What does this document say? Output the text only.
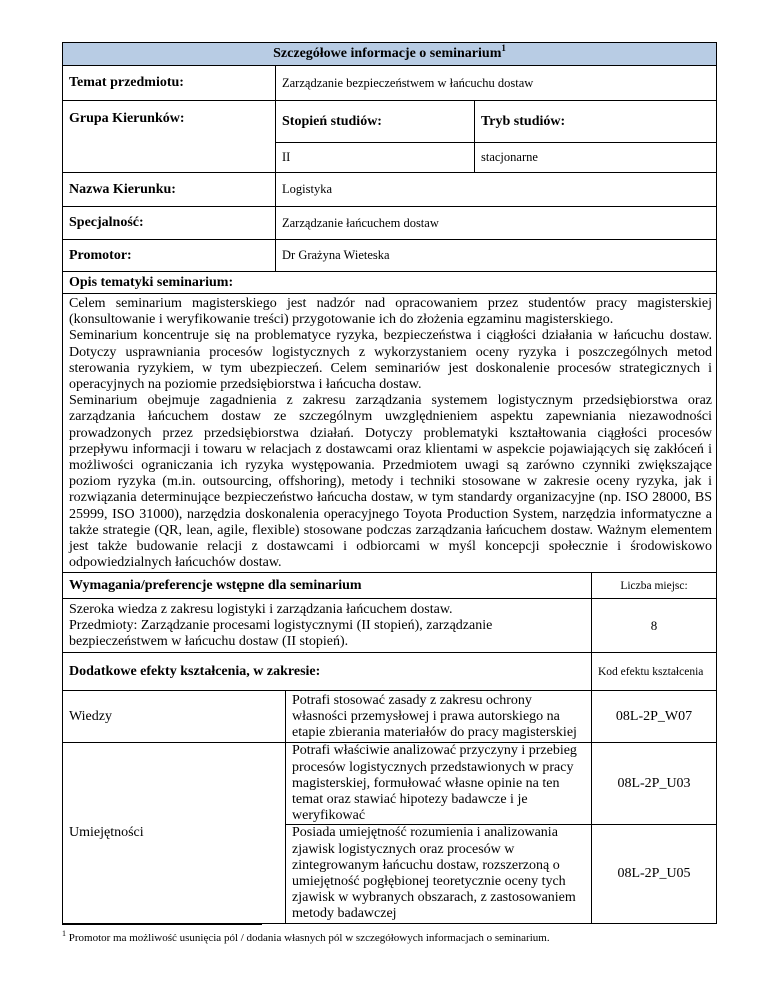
Szczegółowe informacje o seminarium$^1$
Temat przedmiotu:	Zarządzanie bezpieczeństwem w łańcuchu dostaw			
Grupa Kierunków:	Stopień studiów:		Tryb studiów:	
	II		stacjonarne	
Nazwa Kierunku:	Logistyka			
Specjalność:	Zarządzanie łańcuchem dostaw			
Promotor:	Dr Grażyna Wieteska			
Opis tematyki seminarium:				

Celem seminarium magisterskiego jest nadzór nad opracowaniem przez studentów pracy magisterskiej (konsultowanie i weryfikowanie treści) przygotowanie ich do złożenia egzaminu magisterskiego.

Seminarium koncentruje się na problematyce ryzyka, bezpieczeństwa i ciągłości działania w łańcuchu dostaw. Dotyczy usprawniania procesów logistycznych z wykorzystaniem oceny ryzyka i poszczególnych metod sterowania ryzykiem, w tym ubezpieczeń. Celem seminariów jest doskonalenie procesów strategicznych i operacyjnych na poziomie przedsiębiorstwa i łańcucha dostaw.

Seminarium obejmuje zagadnienia z zakresu zarządzania systemem logistycznym przedsiębiorstwa oraz zarządzania łańcuchem dostaw ze szczególnym uwzględnieniem aspektu zapewniania niezawodności prowadzonych przez przedsiębiorstwa działań. Dotyczy problematyki kształtowania ciągłości procesów przepływu informacji i towaru w relacjach z dostawcami oraz klientami w aspekcie pojawiających się zakłóceń i możliwości ograniczania ich ryzyka występowania. Przedmiotem uwagi są zarówno czynniki zwiększające poziom ryzyka (m.in. outsourcing, offshoring), metody i techniki stosowane w zakresie oceny ryzyka, jak i rozwiązania determinujące bezpieczeństwo łańcucha dostaw, w tym standardy organizacyjne (np. ISO 28000, BS 25999, ISO 31000), narzędzia doskonalenia operacyjnego Toyota Production System, narzędzia informatyczne a także strategie (QR, lean, agile, flexible) stosowane podczas zarządzania łańcuchem dostaw. Ważnym elementem jest także budowanie relacji z dostawcami i odbiorcami w myśl koncepcji społecznie i środowiskowo odpowiedzialnych łańcuchów dostaw.				

Wymagania/preferencje wstępne dla seminarium				Liczba miejsc:

Szeroka wiedza z zakresu logistyki i zarządzania łańcuchem dostaw.
Przedmioty: Zarządzanie procesami logistycznymi (II stopień), zarządzanie bezpieczeństwem w łańcuchu dostaw (II stopień).				8
Dodatkowe efekty kształcenia, w zakresie:				Kod efektu kształcenia
Wiedzy		Potrafi stosować zasady z zakresu ochrony własności przemysłowej i prawa autorskiego na etapie zbierania materiałów do pracy magisterskiej		08L-2P_W07
Umiejętności		Potrafi właściwie analizować przyczyny i przebieg procesów logistycznych przedstawionych w pracy magisterskiej, formułować własne opinie na ten temat oraz stawiać hipotezy badawcze i je weryfikować		08L-2P_U03
		Posiada umiejętność rozumienia i analizowania zjawisk logistycznych oraz procesów w zintegrowanym łańcuchu dostaw, rozszerzoną o umiejętność pogłębionej teoretycznie oceny tych zjawisk w wybranych obszarach, z zastosowaniem metody badawczej		08L-2P_U05
$^1$ Promotor ma możliwość usunięcia pól / dodania własnych pól w szczegółowych informacjach o seminarium.
